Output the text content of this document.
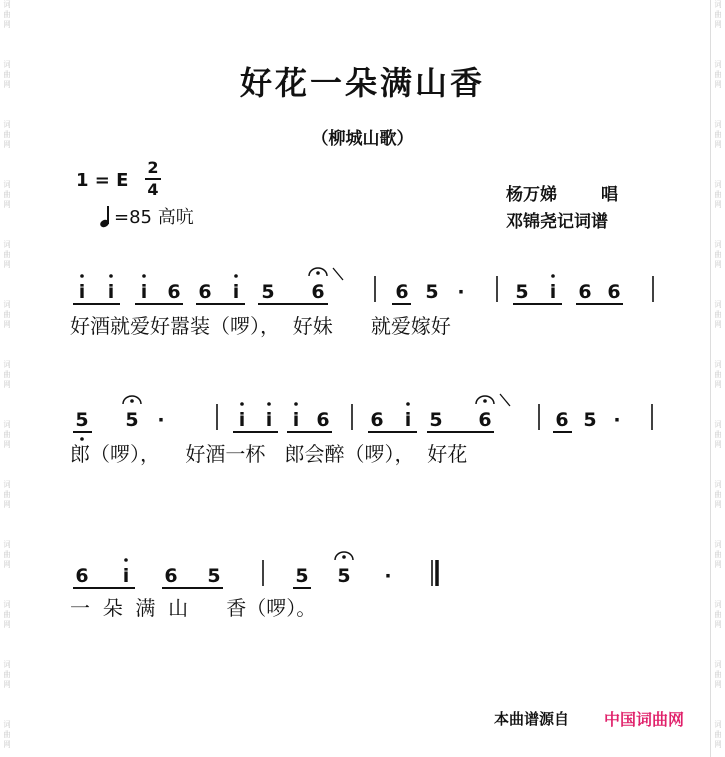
词
曲
网
词
曲
网
词
曲
网
词
曲
网
词
曲
网
词
曲
网
词
曲
网
词
曲
网
词
曲
网
词
曲
网
词
曲
网
词
曲
网
词
曲
网
词
曲
网
词
曲
网
词
曲
网
词
曲
网
词
曲
网
词
曲
网
词
曲
网
词
曲
网
词
曲
网
词
曲
网
词
曲
网
词
曲
网
词
曲
网
好花一朵满山香
（柳城山歌）
1 = E
2
4
=85 高吭
杨万娣	唱
邓锦尧记词谱
i i i 6 6 i 5 6	6 5 ·	5 i 6 6
好酒就爱好嚣装（啰），  好妹      就爱嫁好
5 5 ·	i i i 6 6 i 5 6	6 5 ·
郎（啰），    好酒一杯   郎会醉（啰），  好花
6 i 6 5	5 5 ·
一  朵  满  山      香（啰）。
本曲谱源自 中国词曲网
